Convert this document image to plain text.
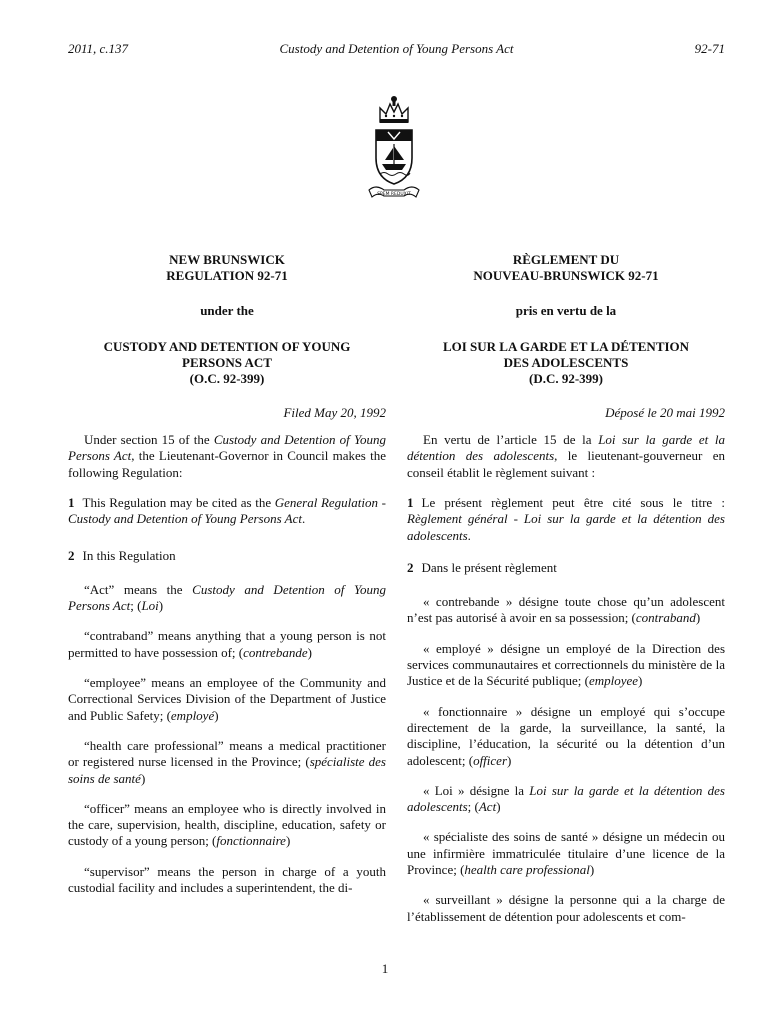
2011, c.137	Custody and Detention of Young Persons Act	92-71
SPEM REDUXIT

NEW BRUNSWICK
REGULATION 92-71

under the

CUSTODY AND DETENTION OF YOUNG
PERSONS ACT
(O.C. 92-399)

Filed May 20, 1992

Under section 15 of the Custody and Detention of Young Persons Act, the Lieutenant-Governor in Council makes the following Regulation:

1 This Regulation may be cited as the General Regulation - Custody and Detention of Young Persons Act.

2 In this Regulation

“Act” means the Custody and Detention of Young Persons Act; (Loi)

“contraband” means anything that a young person is not permitted to have possession of; (contrebande)

“employee” means an employee of the Community and Correctional Services Division of the Department of Justice and Public Safety; (employé)

“health care professional” means a medical practitioner or registered nurse licensed in the Province; (spécialiste des soins de santé)

“officer” means an employee who is directly involved in the care, supervision, health, discipline, education, safety or custody of a young person; (fonctionnaire)

“supervisor” means the person in charge of a youth custodial facility and includes a superintendent, the di-

RÈGLEMENT DU
NOUVEAU-BRUNSWICK 92-71

pris en vertu de la

LOI SUR LA GARDE ET LA DÉTENTION
DES ADOLESCENTS
(D.C. 92-399)

Déposé le 20 mai 1992

En vertu de l’article 15 de la Loi sur la garde et la détention des adolescents, le lieutenant-gouverneur en conseil établit le règlement suivant :

1 Le présent règlement peut être cité sous le titre : Règlement général - Loi sur la garde et la détention des adolescents.

2 Dans le présent règlement

« contrebande » désigne toute chose qu’un adolescent n’est pas autorisé à avoir en sa possession; (contraband)

« employé » désigne un employé de la Direction des services communautaires et correctionnels du ministère de la Justice et de la Sécurité publique; (employee)

« fonctionnaire » désigne un employé qui s’occupe directement de la garde, la surveillance, la santé, la discipline, l’éducation, la sécurité ou la détention d’un adolescent; (officer)

« Loi » désigne la Loi sur la garde et la détention des adolescents; (Act)

« spécialiste des soins de santé » désigne un médecin ou une infirmière immatriculée titulaire d’une licence de la Province; (health care professional)

« surveillant » désigne la personne qui a la charge de l’établissement de détention pour adolescents et com-

1
